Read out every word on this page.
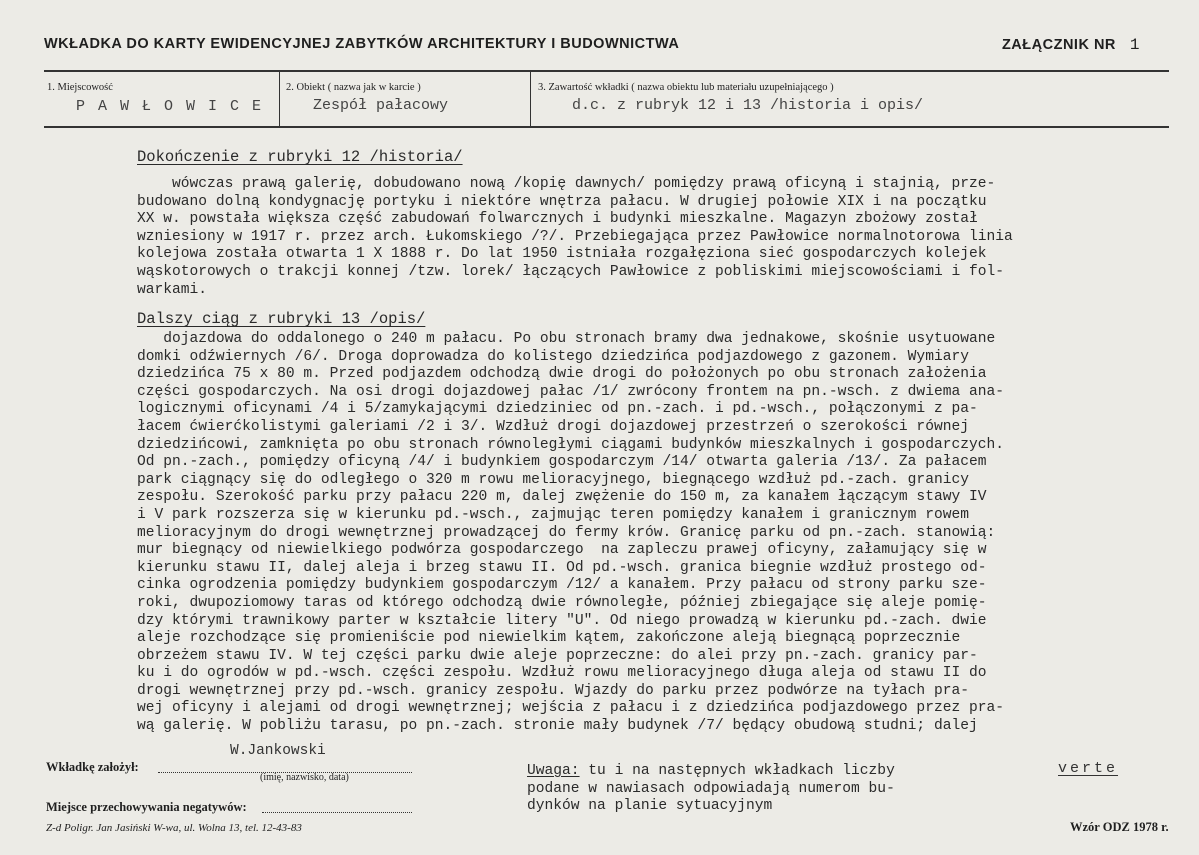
WKŁADKA DO KARTY EWIDENCYJNEJ ZABYTKÓW ARCHITEKTURY I BUDOWNICTWA	ZAŁĄCZNIK NR 1
1. Miejscowość
P A W Ł O W I C E
2. Obiekt ( nazwa jak w karcie )
Zespół pałacowy
3. Zawartość wkładki ( nazwa obiektu lub materiału uzupełniającego )
d.c. z rubryk 12 i 13 /historia i opis/
Dokończenie z rubryki 12 /historia/
wówczas prawą galerię, dobudowano nową /kopię dawnych/ pomiędzy prawą oficyną i stajnią, prze-
budowano dolną kondygnację portyku i niektóre wnętrza pałacu. W drugiej połowie XIX i na początku
XX w. powstała większa część zabudowań folwarcznych i budynki mieszkalne. Magazyn zbożowy został
wzniesiony w 1917 r. przez arch. Łukomskiego /?/. Przebiegająca przez Pawłowice normalnotorowa linia
kolejowa została otwarta 1 X 1888 r. Do lat 1950 istniała rozgałęziona sieć gospodarczych kolejek
wąskotorowych o trakcji konnej /tzw. lorek/ łączących Pawłowice z pobliskimi miejscowościami i fol-
warkami.
Dalszy ciąg z rubryki 13 /opis/
dojazdowa do oddalonego o 240 m pałacu. Po obu stronach bramy dwa jednakowe, skośnie usytuowane
domki odźwiernych /6/. Droga doprowadza do kolistego dziedzińca podjazdowego z gazonem. Wymiary
dziedzińca 75 x 80 m. Przed podjazdem odchodzą dwie drogi do położonych po obu stronach założenia
części gospodarczych. Na osi drogi dojazdowej pałac /1/ zwrócony frontem na pn.-wsch. z dwiema ana-
logicznymi oficynami /4 i 5/zamykającymi dziedziniec od pn.-zach. i pd.-wsch., połączonymi z pa-
łacem ćwierćkolistymi galeriami /2 i 3/. Wzdłuż drogi dojazdowej przestrzeń o szerokości równej
dziedzińcowi, zamknięta po obu stronach równoległymi ciągami budynków mieszkalnych i gospodarczych.
Od pn.-zach., pomiędzy oficyną /4/ i budynkiem gospodarczym /14/ otwarta galeria /13/. Za pałacem
park ciągnący się do odległego o 320 m rowu melioracyjnego, biegnącego wzdłuż pd.-zach. granicy
zespołu. Szerokość parku przy pałacu 220 m, dalej zwężenie do 150 m, za kanałem łączącym stawy IV
i V park rozszerza się w kierunku pd.-wsch., zajmując teren pomiędzy kanałem i granicznym rowem
melioracyjnym do drogi wewnętrznej prowadzącej do fermy krów. Granicę parku od pn.-zach. stanowią:
mur biegnący od niewielkiego podwórza gospodarczego  na zapleczu prawej oficyny, załamujący się w
kierunku stawu II, dalej aleja i brzeg stawu II. Od pd.-wsch. granica biegnie wzdłuż prostego od-
cinka ogrodzenia pomiędzy budynkiem gospodarczym /12/ a kanałem. Przy pałacu od strony parku sze-
roki, dwupoziomowy taras od którego odchodzą dwie równoległe, później zbiegające się aleje pomię-
dzy którymi trawnikowy parter w kształcie litery "U". Od niego prowadzą w kierunku pd.-zach. dwie
aleje rozchodzące się promieniście pod niewielkim kątem, zakończone aleją biegnącą poprzecznie
obrzeżem stawu IV. W tej części parku dwie aleje poprzeczne: do alei przy pn.-zach. granicy par-
ku i do ogrodów w pd.-wsch. części zespołu. Wzdłuż rowu melioracyjnego długa aleja od stawu II do
drogi wewnętrznej przy pd.-wsch. granicy zespołu. Wjazdy do parku przez podwórze na tyłach pra-
wej oficyny i alejami od drogi wewnętrznej; wejścia z pałacu i z dziedzińca podjazdowego przez pra-
wą galerię. W pobliżu tarasu, po pn.-zach. stronie mały budynek /7/ będący obudową studni; dalej
W.Jankowski
Wkładkę założył:
(imię, nazwisko, data)
Miejsce przechowywania negatywów:
Uwaga: tu i na następnych wkładkach liczby
podane w nawiasach odpowiadają numerom bu-
dynków na planie sytuacyjnym
verte
Z-d Poligr. Jan Jasiński W-wa, ul. Wolna 13, tel. 12-43-83	Wzór ODZ 1978 r.
